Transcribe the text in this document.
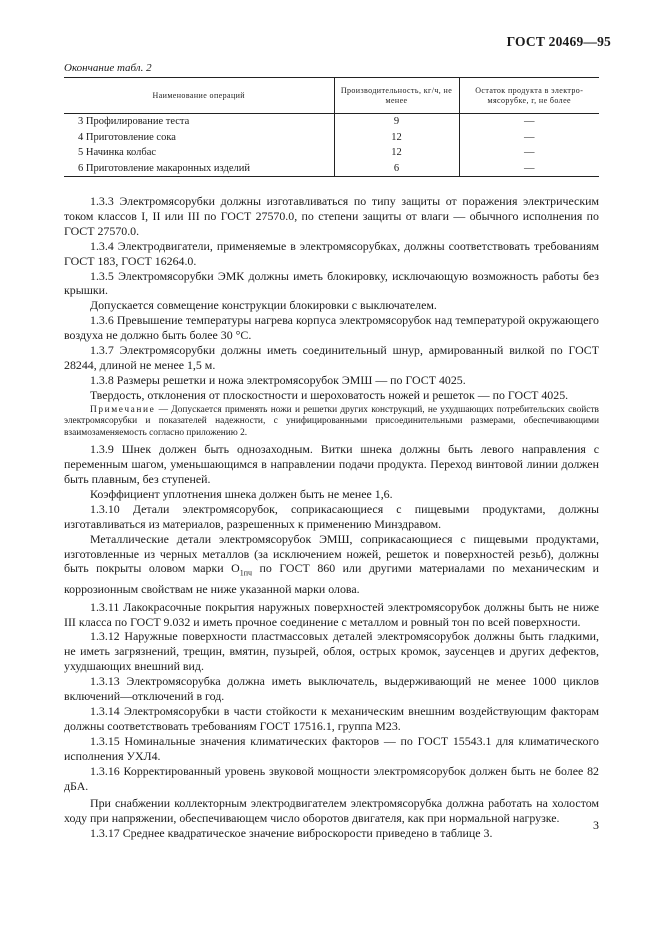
ГОСТ 20469—95
Окончание табл. 2
Наименование операций	Производительность, кг/ч, не менее	Остаток продукта в электро-мясорубке, г, не более
3 Профилирование теста	9	—
4 Приготовление сока	12	—
5 Начинка колбас	12	—
6 Приготовление макаронных изделий	6	—

1.3.3 Электромясорубки должны изготавливаться по типу защиты от поражения электрическим током классов I, II или III по ГОСТ 27570.0, по степени защиты от влаги — обычного исполнения по ГОСТ 27570.0.

1.3.4 Электродвигатели, применяемые в электромясорубках, должны соответствовать требованиям ГОСТ 183, ГОСТ 16264.0.

1.3.5 Электромясорубки ЭМК должны иметь блокировку, исключающую возможность работы без крышки.

Допускается совмещение конструкции блокировки с выключателем.

1.3.6 Превышение температуры нагрева корпуса электромясорубок над температурой окружающего воздуха не должно быть более 30 °С.

1.3.7 Электромясорубки должны иметь соединительный шнур, армированный вилкой по ГОСТ 28244, длиной не менее 1,5 м.

1.3.8 Размеры решетки и ножа электромясорубок ЭМШ — по ГОСТ 4025.

Твердость, отклонения от плоскостности и шероховатость ножей и решеток — по ГОСТ 4025.

Примечание — Допускается применять ножи и решетки других конструкций, не ухудшающих потребительских свойств электромясорубки и показателей надежности, с унифицированными присоединительными размерами, обеспечивающими взаимозаменяемость согласно приложению 2.

1.3.9 Шнек должен быть однозаходным. Витки шнека должны быть левого направления с переменным шагом, уменьшающимся в направлении подачи продукта. Переход винтовой линии должен быть плавным, без ступеней.

Коэффициент уплотнения шнека должен быть не менее 1,6.

1.3.10 Детали электромясорубок, соприкасающиеся с пищевыми продуктами, должны изготавливаться из материалов, разрешенных к применению Минздравом.

Металлические детали электромясорубок ЭМШ, соприкасающиеся с пищевыми продуктами, изготовленные из черных металлов (за исключением ножей, решеток и поверхностей резьб), должны быть покрыты оловом марки $О_{1пч}$ по ГОСТ 860 или другими материалами по механическим и коррозионным свойствам не ниже указанной марки олова.

1.3.11 Лакокрасочные покрытия наружных поверхностей электромясорубок должны быть не ниже III класса по ГОСТ 9.032 и иметь прочное соединение с металлом и ровный тон по всей поверхности.

1.3.12 Наружные поверхности пластмассовых деталей электромясорубок должны быть гладкими, не иметь загрязнений, трещин, вмятин, пузырей, облоя, острых кромок, заусенцев и других дефектов, ухудшающих внешний вид.

1.3.13 Электромясорубка должна иметь выключатель, выдерживающий не менее 1000 циклов включений—отключений в год.

1.3.14 Электромясорубки в части стойкости к механическим внешним воздействующим факторам должны соответствовать требованиям ГОСТ 17516.1, группа М23.

1.3.15 Номинальные значения климатических факторов — по ГОСТ 15543.1 для климатического исполнения УХЛ4.

1.3.16 Корректированный уровень звуковой мощности электромясорубок должен быть не более 82 дБА.

При снабжении коллекторным электродвигателем электромясорубка должна работать на холостом ходу при напряжении, обеспечивающем число оборотов двигателя, как при нормальной нагрузке.

1.3.17 Среднее квадратическое значение виброскорости приведено в таблице 3.

3
